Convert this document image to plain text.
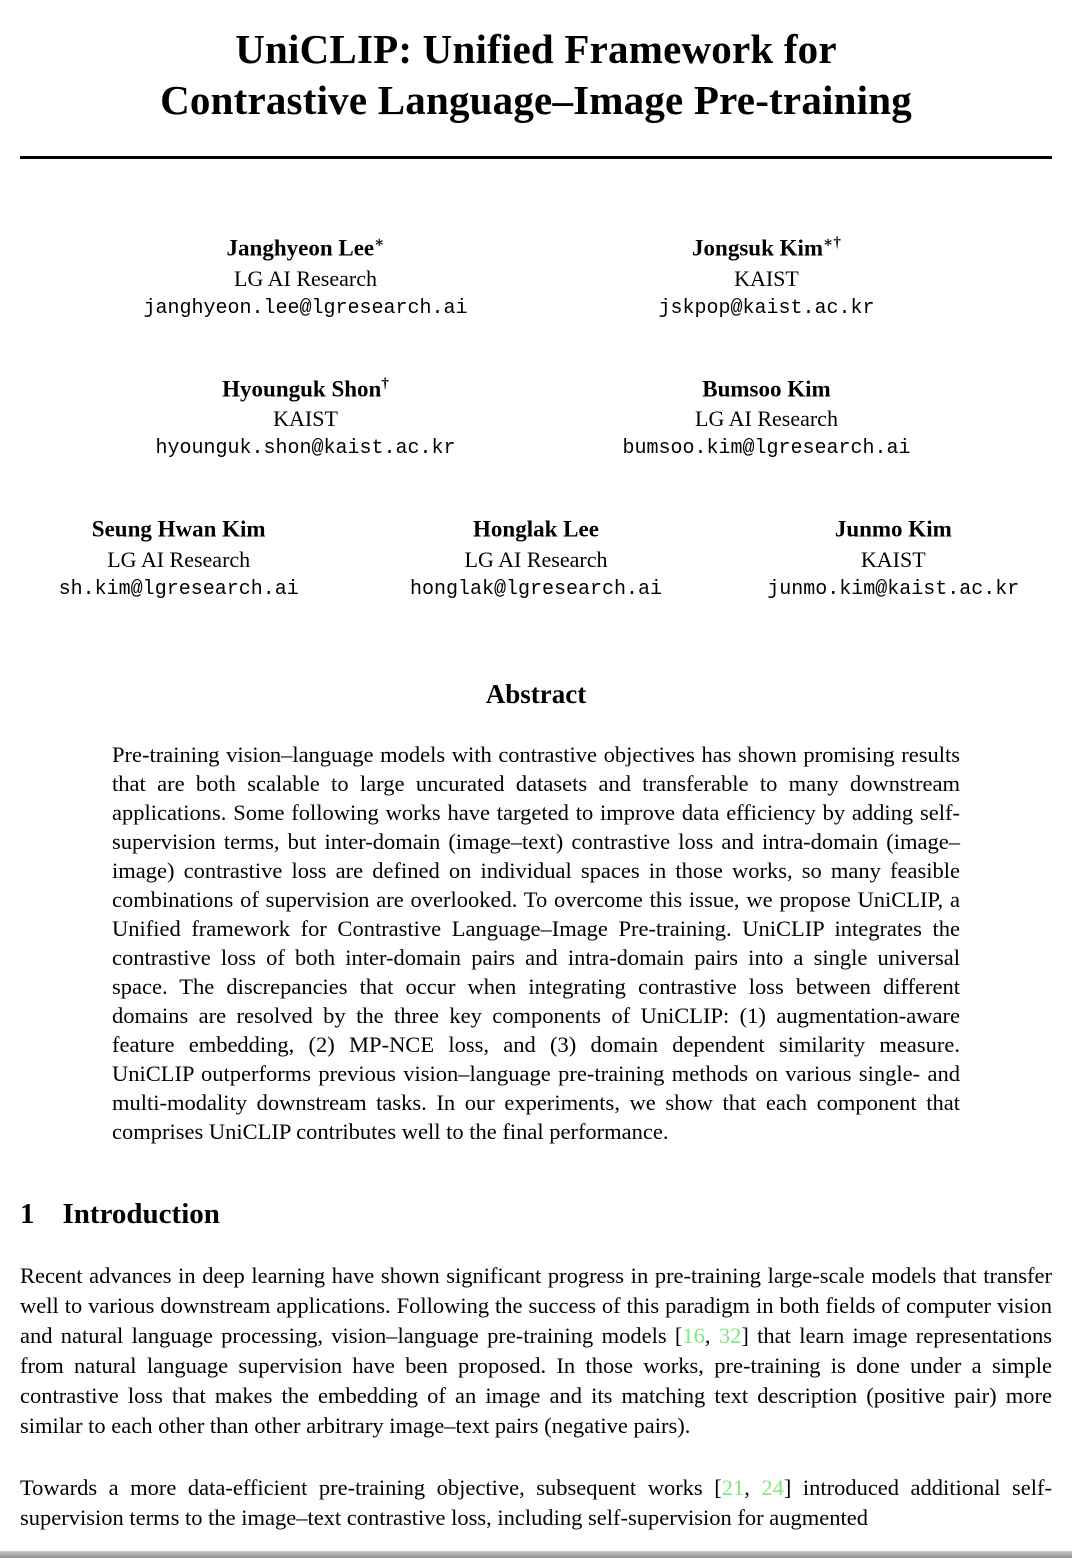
UniCLIP: Unified Framework for
Contrastive Language–Image Pre-training
Janghyeon Lee∗
LG AI Research
janghyeon.lee@lgresearch.ai
Jongsuk Kim∗†
KAIST
jskpop@kaist.ac.kr
Hyounguk Shon†
KAIST
hyounguk.shon@kaist.ac.kr
Bumsoo Kim
LG AI Research
bumsoo.kim@lgresearch.ai
Seung Hwan Kim
LG AI Research
sh.kim@lgresearch.ai
Honglak Lee
LG AI Research
honglak@lgresearch.ai
Junmo Kim
KAIST
junmo.kim@kaist.ac.kr
Abstract

Pre-training vision–language models with contrastive objectives has shown promising results that are both scalable to large uncurated datasets and transferable to many downstream applications. Some following works have targeted to improve data efficiency by adding self-supervision terms, but inter-domain (image–text) contrastive loss and intra-domain (image–image) contrastive loss are defined on individual spaces in those works, so many feasible combinations of supervision are overlooked. To overcome this issue, we propose UniCLIP, a Unified framework for Contrastive Language–Image Pre-training. UniCLIP integrates the contrastive loss of both inter-domain pairs and intra-domain pairs into a single universal space. The discrepancies that occur when integrating contrastive loss between different domains are resolved by the three key components of UniCLIP: (1) augmentation-aware feature embedding, (2) MP-NCE loss, and (3) domain dependent similarity measure. UniCLIP outperforms previous vision–language pre-training methods on various single- and multi-modality downstream tasks. In our experiments, we show that each component that comprises UniCLIP contributes well to the final performance.

1 Introduction

Recent advances in deep learning have shown significant progress in pre-training large-scale models that transfer well to various downstream applications. Following the success of this paradigm in both fields of computer vision and natural language processing, vision–language pre-training models [16, 32] that learn image representations from natural language supervision have been proposed. In those works, pre-training is done under a simple contrastive loss that makes the embedding of an image and its matching text description (positive pair) more similar to each other than other arbitrary image–text pairs (negative pairs).

Towards a more data-efficient pre-training objective, subsequent works [21, 24] introduced additional self-supervision terms to the image–text contrastive loss, including self-supervision for augmented
